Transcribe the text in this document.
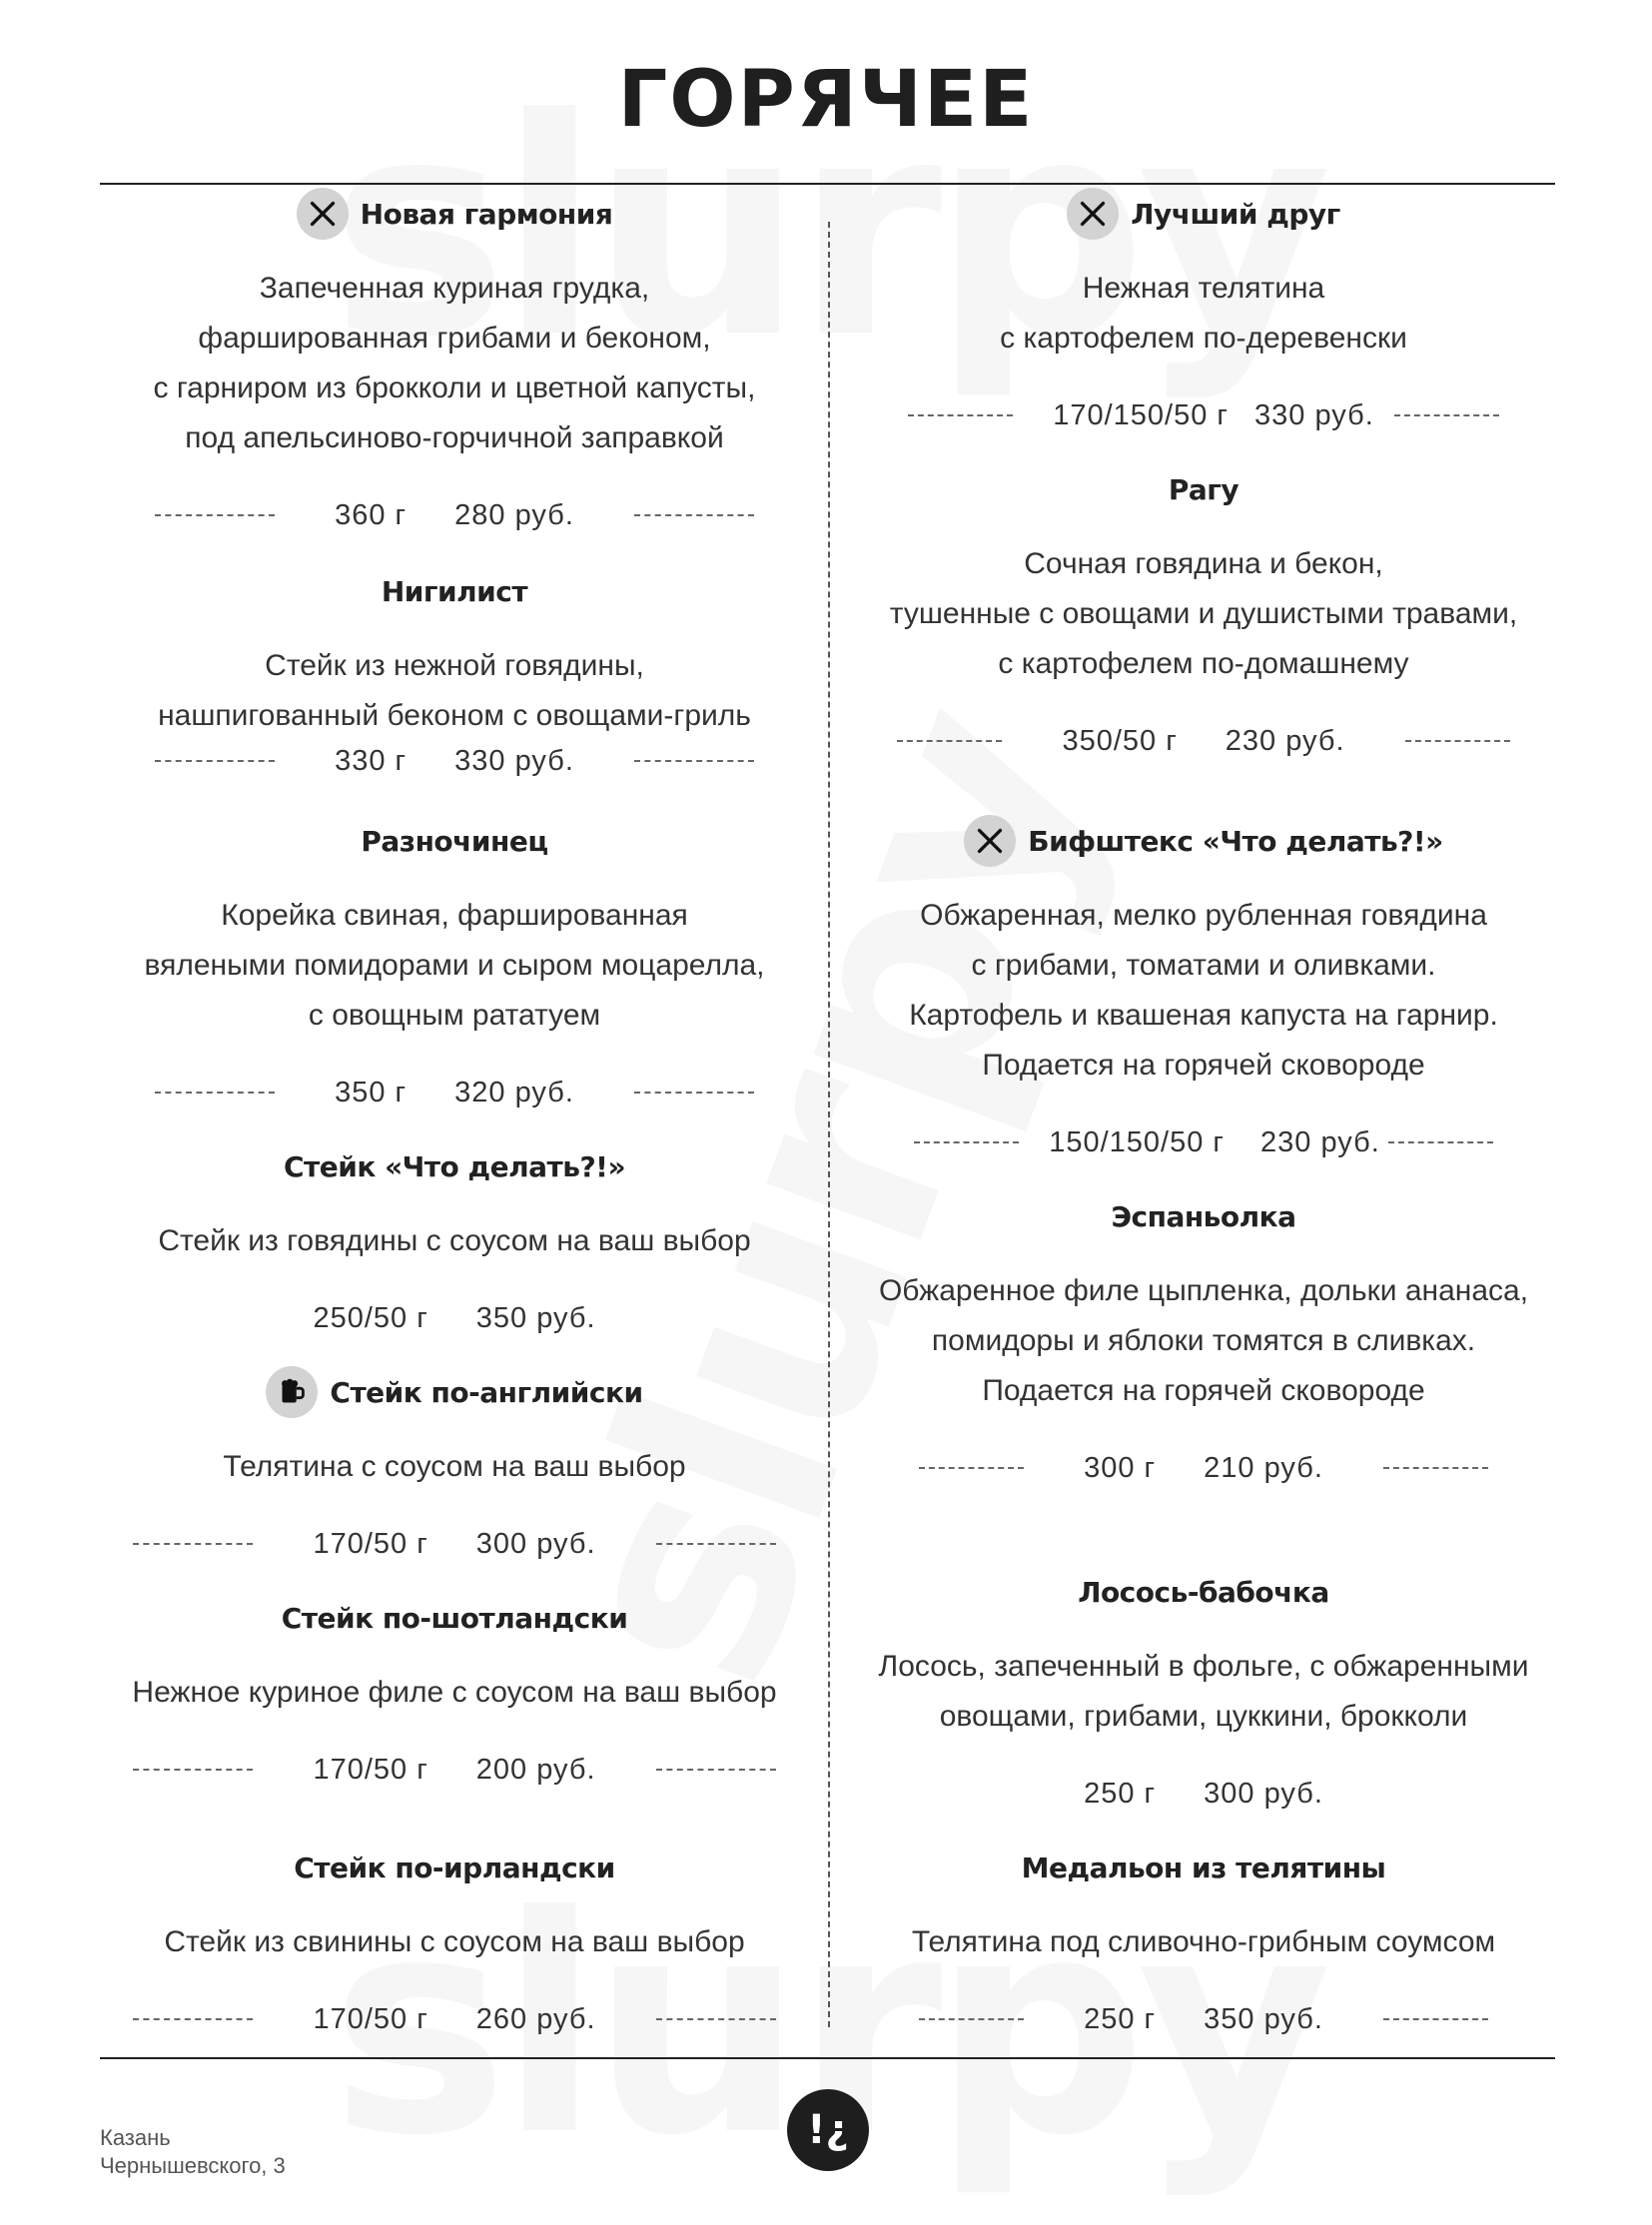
ГОРЯЧЕЕ
Новая гармония
Запеченная куриная грудка,
фаршированная грибами и беконом,
с гарниром из брокколи и цветной капусты,
под апельсиново-горчичной заправкой
360 г 280 руб.
Нигилист
Стейк из нежной говядины,
нашпигованный беконом с овощами-гриль
330 г 330 руб.
Разночинец
Корейка свиная, фаршированная
вялеными помидорами и сыром моцарелла,
с овощным рататуем
350 г 320 руб.
Стейк «Что делать?!»
Стейк из говядины с соусом на ваш выбор
250/50 г 350 руб.
Стейк по-английски
Телятина с соусом на ваш выбор
170/50 г 300 руб.
Стейк по-шотландски
Нежное куриное филе с соусом на ваш выбор
170/50 г 200 руб.
Стейк по-ирландски
Стейк из свинины с соусом на ваш выбор
170/50 г 260 руб.
Лучший друг
Нежная телятина
с картофелем по-деревенски
170/150/50 г 330 руб.
Рагу
Сочная говядина и бекон,
тушенные с овощами и душистыми травами,
с картофелем по-домашнему
350/50 г 230 руб.
Бифштекс «Что делать?!»
Обжаренная, мелко рубленная говядина
с грибами, томатами и оливками.
Картофель и квашеная капуста на гарнир.
Подается на горячей сковороде
150/150/50 г 230 руб.
Эспаньолка
Обжаренное филе цыпленка, дольки ананаса,
помидоры и яблоки томятся в сливках.
Подается на горячей сковороде
300 г 210 руб.
Лосось-бабочка
Лосось, запеченный в фольге, с обжаренными
овощами, грибами, цуккини, брокколи
250 г 300 руб.
Медальон из телятины
Телятина под сливочно-грибным соумсом
250 г 350 руб.
Казань
Чернышевского, 3
!¿
